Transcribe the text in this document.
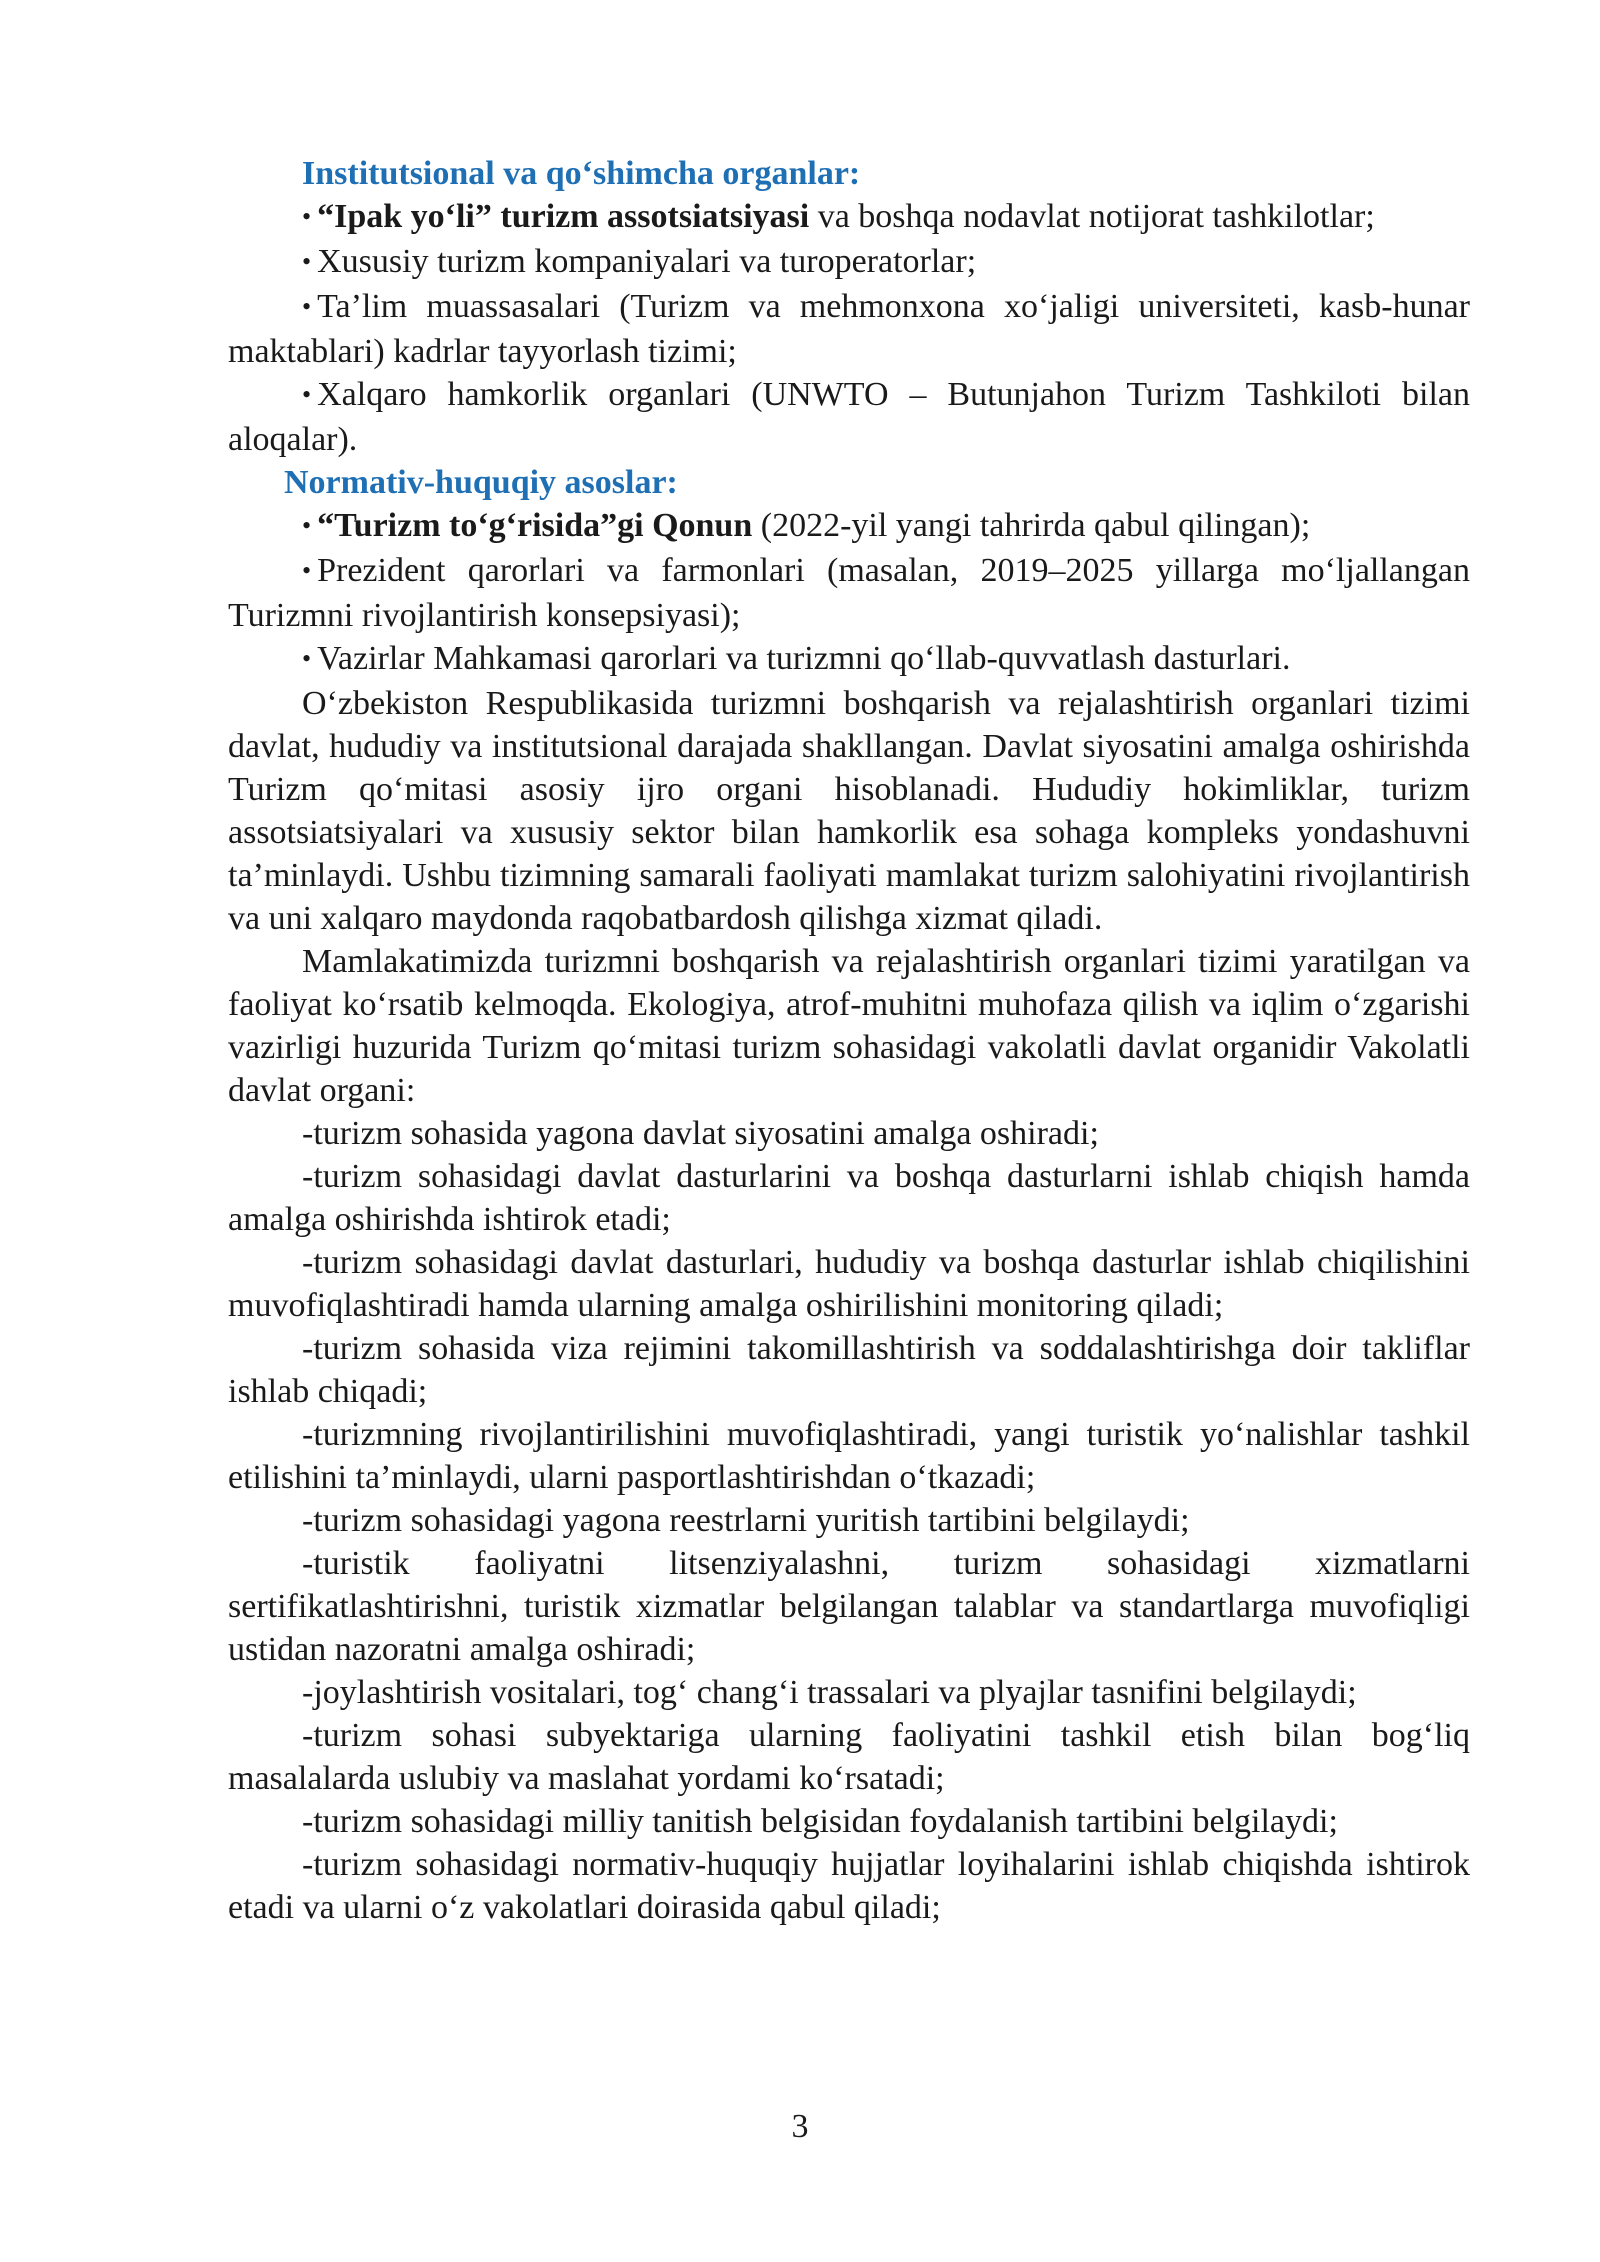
Institutsional va qo‘shimcha organlar:

• “Ipak yo‘li” turizm assotsiatsiyasi va boshqa nodavlat notijorat tashkilotlar;

• Xususiy turizm kompaniyalari va turoperatorlar;

• Ta’lim muassasalari (Turizm va mehmonxona xo‘jaligi universiteti, kasb-hunar maktablari) kadrlar tayyorlash tizimi;

• Xalqaro hamkorlik organlari (UNWTO – Butunjahon Turizm Tashkiloti bilan aloqalar).

Normativ-huquqiy asoslar:

• “Turizm to‘g‘risida”gi Qonun (2022-yil yangi tahrirda qabul qilingan);

• Prezident qarorlari va farmonlari (masalan, 2019–2025 yillarga mo‘ljallangan Turizmni rivojlantirish konsepsiyasi);

• Vazirlar Mahkamasi qarorlari va turizmni qo‘llab-quvvatlash dasturlari.

O‘zbekiston Respublikasida turizmni boshqarish va rejalashtirish organlari tizimi davlat, hududiy va institutsional darajada shakllangan. Davlat siyosatini amalga oshirishda Turizm qo‘mitasi asosiy ijro organi hisoblanadi. Hududiy hokimliklar, turizm assotsiatsiyalari va xususiy sektor bilan hamkorlik esa sohaga kompleks yondashuvni ta’minlaydi. Ushbu tizimning samarali faoliyati mamlakat turizm salohiyatini rivojlantirish va uni xalqaro maydonda raqobatbardosh qilishga xizmat qiladi.

Mamlakatimizda turizmni boshqarish va rejalashtirish organlari tizimi yaratilgan va faoliyat ko‘rsatib kelmoqda. Ekologiya, atrof-muhitni muhofaza qilish va iqlim o‘zgarishi vazirligi huzurida Turizm qo‘mitasi turizm sohasidagi vakolatli davlat organidir Vakolatli davlat organi:

-turizm sohasida yagona davlat siyosatini amalga oshiradi;

-turizm sohasidagi davlat dasturlarini va boshqa dasturlarni ishlab chiqish hamda amalga oshirishda ishtirok etadi;

-turizm sohasidagi davlat dasturlari, hududiy va boshqa dasturlar ishlab chiqilishini muvofiqlashtiradi hamda ularning amalga oshirilishini monitoring qiladi;

-turizm sohasida viza rejimini takomillashtirish va soddalashtirishga doir takliflar ishlab chiqadi;

-turizmning rivojlantirilishini muvofiqlashtiradi, yangi turistik yo‘nalishlar tashkil etilishini ta’minlaydi, ularni pasportlashtirishdan o‘tkazadi;

-turizm sohasidagi yagona reestrlarni yuritish tartibini belgilaydi;

-turistik faoliyatni litsenziyalashni, turizm sohasidagi xizmatlarni sertifikatlashtirishni, turistik xizmatlar belgilangan talablar va standartlarga muvofiqligi ustidan nazoratni amalga oshiradi;

-joylashtirish vositalari, tog‘ chang‘i trassalari va plyajlar tasnifini belgilaydi;

-turizm sohasi subyektariga ularning faoliyatini tashkil etish bilan bog‘liq masalalarda uslubiy va maslahat yordami ko‘rsatadi;

-turizm sohasidagi milliy tanitish belgisidan foydalanish tartibini belgilaydi;

-turizm sohasidagi normativ-huquqiy hujjatlar loyihalarini ishlab chiqishda ishtirok etadi va ularni o‘z vakolatlari doirasida qabul qiladi;

3
